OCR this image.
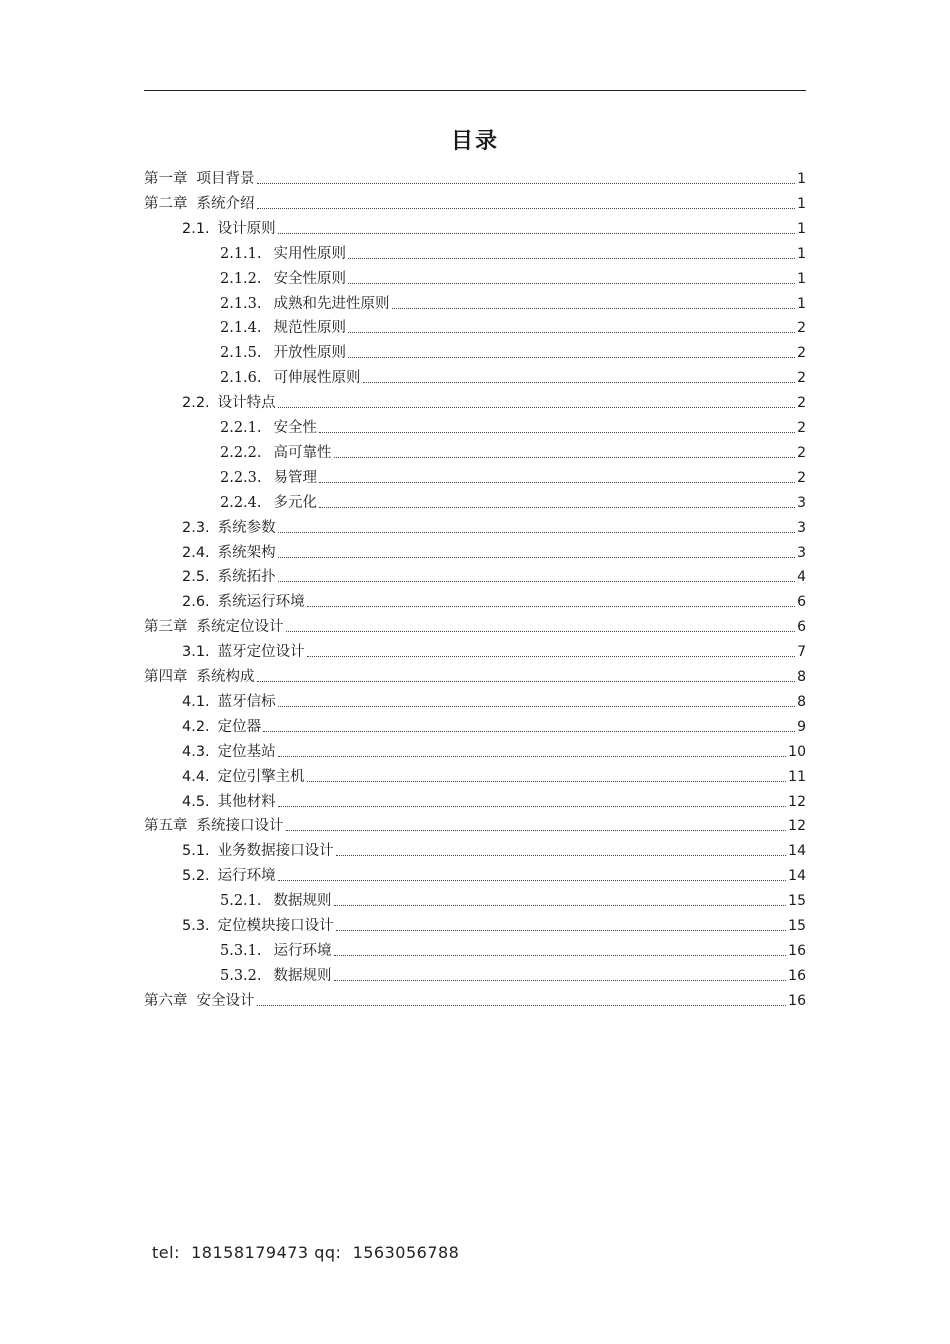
目录
第一章 项目背景	1
第二章 系统介绍	1
2.1. 设计原则	1
2.1.1. 实用性原则	1
2.1.2. 安全性原则	1
2.1.3. 成熟和先进性原则	1
2.1.4. 规范性原则	2
2.1.5. 开放性原则	2
2.1.6. 可伸展性原则	2
2.2. 设计特点	2
2.2.1. 安全性	2
2.2.2. 高可靠性	2
2.2.3. 易管理	2
2.2.4. 多元化	3
2.3. 系统参数	3
2.4. 系统架构	3
2.5. 系统拓扑	4
2.6. 系统运行环境	6
第三章 系统定位设计	6
3.1. 蓝牙定位设计	7
第四章 系统构成	8
4.1. 蓝牙信标	8
4.2. 定位器	9
4.3. 定位基站	10
4.4. 定位引擎主机	11
4.5. 其他材料	12
第五章 系统接口设计	12
5.1. 业务数据接口设计	14
5.2. 运行环境	14
5.2.1. 数据规则	15
5.3. 定位模块接口设计	15
5.3.1. 运行环境	16
5.3.2. 数据规则	16
第六章 安全设计	16
tel:  18158179473 qq:  1563056788
